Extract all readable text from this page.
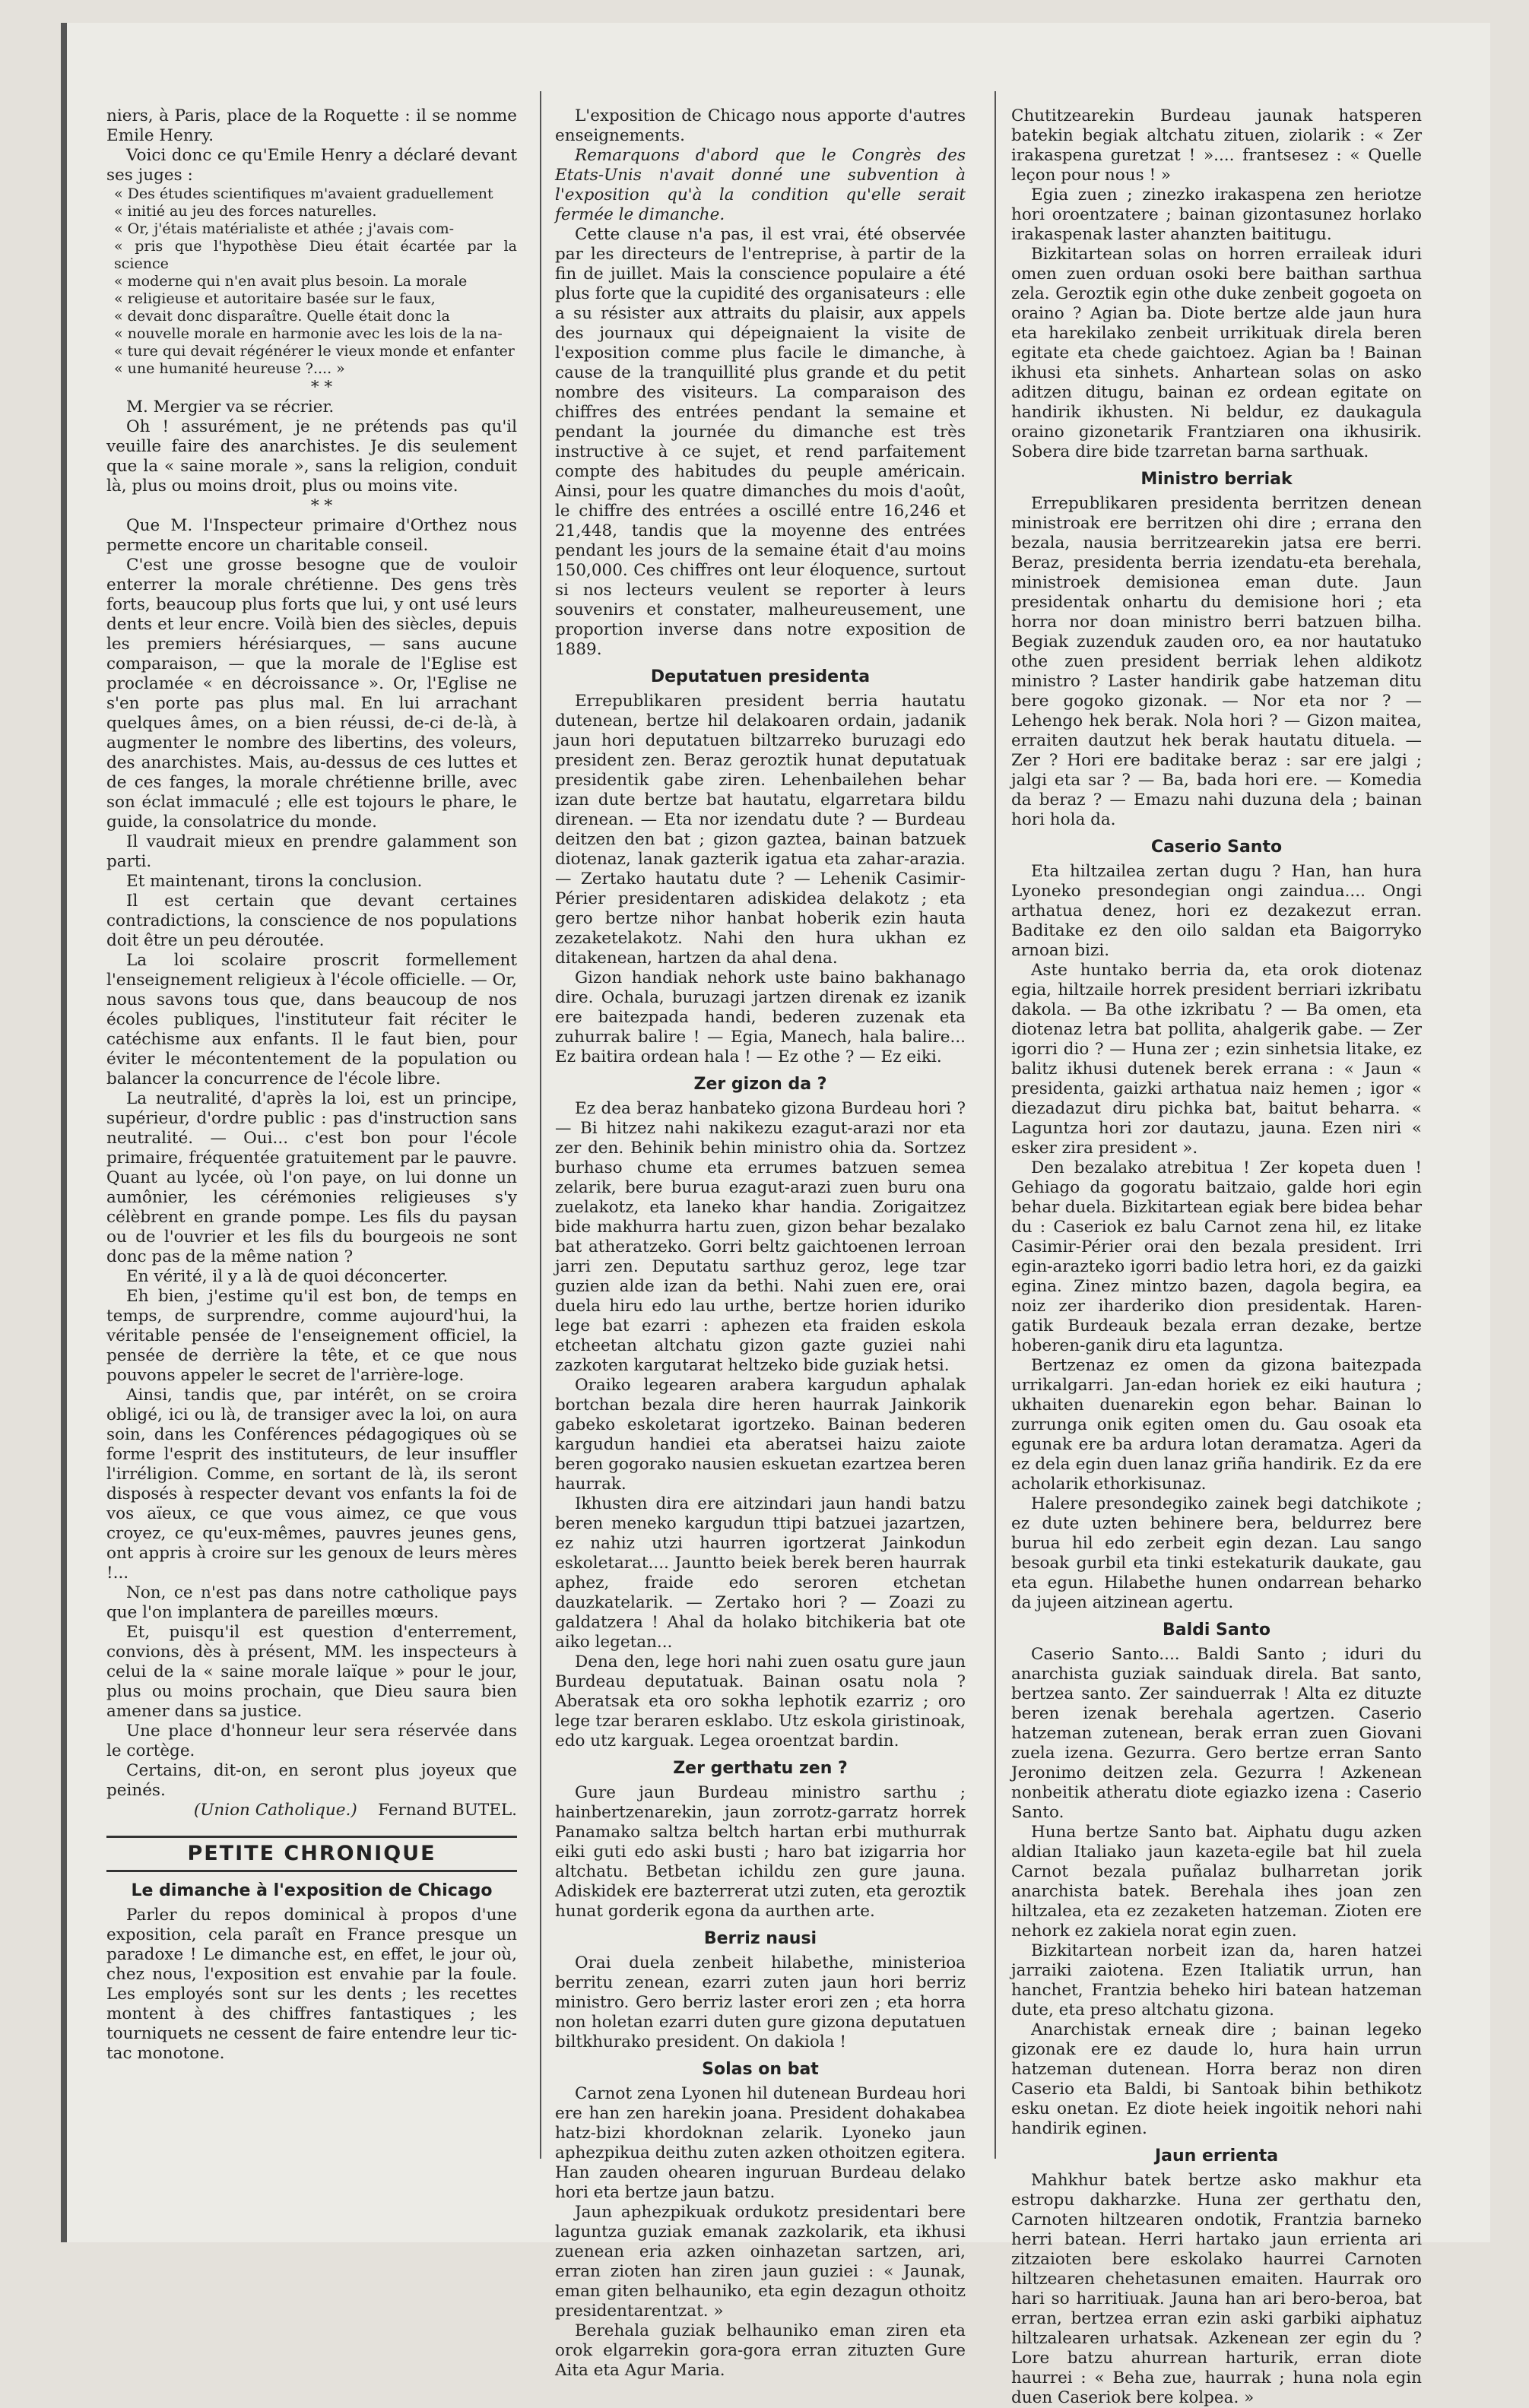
niers, à Paris, place de la Roquette : il se nomme Emile Henry.

Voici donc ce qu'Emile Henry a déclaré devant ses juges :

« Des études scientifiques m'avaient graduellement

« initié au jeu des forces naturelles.

« Or, j'étais matérialiste et athée ; j'avais com-

« pris que l'hypothèse Dieu était écartée par la science

« moderne qui n'en avait plus besoin. La morale

« religieuse et autoritaire basée sur le faux,

« devait donc disparaître. Quelle était donc la

« nouvelle morale en harmonie avec les lois de la na-

« ture qui devait régénérer le vieux monde et enfanter

« une humanité heureuse ?.... »

* *

M. Mergier va se récrier.

Oh ! assurément, je ne prétends pas qu'il veuille faire des anarchistes. Je dis seulement que la « saine morale », sans la religion, conduit là, plus ou moins droit, plus ou moins vite.

* *

Que M. l'Inspecteur primaire d'Orthez nous permette encore un charitable conseil.

C'est une grosse besogne que de vouloir enterrer la morale chrétienne. Des gens très forts, beaucoup plus forts que lui, y ont usé leurs dents et leur encre. Voilà bien des siècles, depuis les premiers hérésiarques, — sans aucune comparaison, — que la morale de l'Eglise est proclamée « en décroissance ». Or, l'Eglise ne s'en porte pas plus mal. En lui arrachant quelques âmes, on a bien réussi, de-ci de-là, à augmenter le nombre des libertins, des voleurs, des anarchistes. Mais, au-dessus de ces luttes et de ces fanges, la morale chrétienne brille, avec son éclat immaculé ; elle est tojours le phare, le guide, la consolatrice du monde.

Il vaudrait mieux en prendre galamment son parti.

Et maintenant, tirons la conclusion.

Il est certain que devant certaines contradictions, la conscience de nos populations doit être un peu déroutée.

La loi scolaire proscrit formellement l'enseignement religieux à l'école officielle. — Or, nous savons tous que, dans beaucoup de nos écoles publiques, l'instituteur fait réciter le catéchisme aux enfants. Il le faut bien, pour éviter le mécontentement de la population ou balancer la concurrence de l'école libre.

La neutralité, d'après la loi, est un principe, supérieur, d'ordre public : pas d'instruction sans neutralité. — Oui... c'est bon pour l'école primaire, fréquentée gratuitement par le pauvre. Quant au lycée, où l'on paye, on lui donne un aumônier, les cérémonies religieuses s'y célèbrent en grande pompe. Les fils du paysan ou de l'ouvrier et les fils du bourgeois ne sont donc pas de la même nation ?

En vérité, il y a là de quoi déconcerter.

Eh bien, j'estime qu'il est bon, de temps en temps, de surprendre, comme aujourd'hui, la véritable pensée de l'enseignement officiel, la pensée de derrière la tête, et ce que nous pouvons appeler le secret de l'arrière-loge.

Ainsi, tandis que, par intérêt, on se croira obligé, ici ou là, de transiger avec la loi, on aura soin, dans les Conférences pédagogiques où se forme l'esprit des instituteurs, de leur insuffler l'irréligion. Comme, en sortant de là, ils seront disposés à respecter devant vos enfants la foi de vos aïeux, ce que vous aimez, ce que vous croyez, ce qu'eux-mêmes, pauvres jeunes gens, ont appris à croire sur les genoux de leurs mères !...

Non, ce n'est pas dans notre catholique pays que l'on implantera de pareilles mœurs.

Et, puisqu'il est question d'enterrement, convions, dès à présent, MM. les inspecteurs à celui de la « saine morale laïque » pour le jour, plus ou moins prochain, que Dieu saura bien amener dans sa justice.

Une place d'honneur leur sera réservée dans le cortège.

Certains, dit-on, en seront plus joyeux que peinés.

(Union Catholique.) Fernand BUTEL.

PETITE CHRONIQUE
Le dimanche à l'exposition de Chicago

Parler du repos dominical à propos d'une exposition, cela paraît en France presque un paradoxe ! Le dimanche est, en effet, le jour où, chez nous, l'exposition est envahie par la foule. Les employés sont sur les dents ; les recettes montent à des chiffres fantastiques ; les tourniquets ne cessent de faire entendre leur tic-tac monotone.

L'exposition de Chicago nous apporte d'autres enseignements.

Remarquons d'abord que le Congrès des Etats-Unis n'avait donné une subvention à l'exposition qu'à la condition qu'elle serait fermée le dimanche.

Cette clause n'a pas, il est vrai, été observée par les directeurs de l'entreprise, à partir de la fin de juillet. Mais la conscience populaire a été plus forte que la cupidité des organisateurs : elle a su résister aux attraits du plaisir, aux appels des journaux qui dépeignaient la visite de l'exposition comme plus facile le dimanche, à cause de la tranquillité plus grande et du petit nombre des visiteurs. La comparaison des chiffres des entrées pendant la semaine et pendant la journée du dimanche est très instructive à ce sujet, et rend parfaitement compte des habitudes du peuple américain. Ainsi, pour les quatre dimanches du mois d'août, le chiffre des entrées a oscillé entre 16,246 et 21,448, tandis que la moyenne des entrées pendant les jours de la semaine était d'au moins 150,000. Ces chiffres ont leur éloquence, surtout si nos lecteurs veulent se reporter à leurs souvenirs et constater, malheureusement, une proportion inverse dans notre exposition de 1889.

Deputatuen presidenta

Errepublikaren president berria hautatu dutenean, bertze hil delakoaren ordain, jadanik jaun hori deputatuen biltzarreko buruzagi edo president zen. Beraz geroztik hunat deputatuak presidentik gabe ziren. Lehenbailehen behar izan dute bertze bat hautatu, elgarretara bildu direnean. — Eta nor izendatu dute ? — Burdeau deitzen den bat ; gizon gaztea, bainan batzuek diotenaz, lanak gazterik igatua eta zahar-arazia. — Zertako hautatu dute ? — Lehenik Casimir-Périer presidentaren adiskidea delakotz ; eta gero bertze nihor hanbat hoberik ezin hauta zezaketelakotz. Nahi den hura ukhan ez ditakenean, hartzen da ahal dena.

Gizon handiak nehork uste baino bakhanago dire. Ochala, buruzagi jartzen direnak ez izanik ere baitezpada handi, bederen zuzenak eta zuhurrak balire ! — Egia, Manech, hala balire... Ez baitira ordean hala ! — Ez othe ? — Ez eiki.

Zer gizon da ?

Ez dea beraz hanbateko gizona Burdeau hori ? — Bi hitzez nahi nakikezu ezagut-arazi nor eta zer den. Behinik behin ministro ohia da. Sortzez burhaso chume eta errumes batzuen semea zelarik, bere burua ezagut-arazi zuen buru ona zuelakotz, eta laneko khar handia. Zorigaitzez bide makhurra hartu zuen, gizon behar bezalako bat atheratzeko. Gorri beltz gaichtoenen lerroan jarri zen. Deputatu sarthuz geroz, lege tzar guzien alde izan da bethi. Nahi zuen ere, orai duela hiru edo lau urthe, bertze horien iduriko lege bat ezarri : aphezen eta fraiden eskola etcheetan altchatu gizon gazte guziei nahi zazkoten kargutarat heltzeko bide guziak hetsi.

Oraiko legearen arabera kargudun aphalak bortchan bezala dire heren haurrak Jainkorik gabeko eskoletarat igortzeko. Bainan bederen kargudun handiei eta aberatsei haizu zaiote beren gogorako nausien eskuetan ezartzea beren haurrak.

Ikhusten dira ere aitzindari jaun handi batzu beren meneko kargudun ttipi batzuei jazartzen, ez nahiz utzi haurren igortzerat Jainkodun eskoletarat.... Jauntto beiek berek beren haurrak aphez, fraide edo seroren etchetan dauzkatelarik. — Zertako hori ? — Zoazi zu galdatzera ! Ahal da holako bitchikeria bat ote aiko legetan...

Dena den, lege hori nahi zuen osatu gure jaun Burdeau deputatuak. Bainan osatu nola ? Aberatsak eta oro sokha lephotik ezarriz ; oro lege tzar beraren esklabo. Utz eskola giristinoak, edo utz karguak. Legea oroentzat bardin.

Zer gerthatu zen ?

Gure jaun Burdeau ministro sarthu ; hainbertzenarekin, jaun zorrotz-garratz horrek Panamako saltza beltch hartan erbi muthurrak eiki guti edo aski busti ; haro bat izigarria hor altchatu. Betbetan ichildu zen gure jauna. Adiskidek ere bazterrerat utzi zuten, eta geroztik hunat gorderik egona da aurthen arte.

Berriz nausi

Orai duela zenbeit hilabethe, ministerioa berritu zenean, ezarri zuten jaun hori berriz ministro. Gero berriz laster erori zen ; eta horra non holetan ezarri duten gure gizona deputatuen biltkhurako president. On dakiola !

Solas on bat

Carnot zena Lyonen hil dutenean Burdeau hori ere han zen harekin joana. President dohakabea hatz-bizi khordoknan zelarik. Lyoneko jaun aphezpikua deithu zuten azken othoitzen egitera. Han zauden ohearen inguruan Burdeau delako hori eta bertze jaun batzu.

Jaun aphezpikuak ordukotz presidentari bere laguntza guziak emanak zazkolarik, eta ikhusi zuenean eria azken oinhazetan sartzen, ari, erran zioten han ziren jaun guziei : « Jaunak, eman giten belhauniko, eta egin dezagun othoitz presidentarentzat. »

Berehala guziak belhauniko eman ziren eta orok elgarrekin gora-gora erran zituzten Gure Aita eta Agur Maria.

Chutitzearekin Burdeau jaunak hatsperen batekin begiak altchatu zituen, ziolarik : « Zer irakaspena guretzat ! ».... frantsesez : « Quelle leçon pour nous ! »

Egia zuen ; zinezko irakaspena zen heriotze hori oroentzatere ; bainan gizontasunez horlako irakaspenak laster ahanzten baititugu.

Bizkitartean solas on horren erraileak iduri omen zuen orduan osoki bere baithan sarthua zela. Geroztik egin othe duke zenbeit gogoeta on oraino ? Agian ba. Diote bertze alde jaun hura eta harekilako zenbeit urrikituak direla beren egitate eta chede gaichtoez. Agian ba ! Bainan ikhusi eta sinhets. Anhartean solas on asko aditzen ditugu, bainan ez ordean egitate on handirik ikhusten. Ni beldur, ez daukagula oraino gizonetarik Frantziaren ona ikhusirik. Sobera dire bide tzarretan barna sarthuak.

Ministro berriak

Errepublikaren presidenta berritzen denean ministroak ere berritzen ohi dire ; errana den bezala, nausia berritzearekin jatsa ere berri. Beraz, presidenta berria izendatu-eta berehala, ministroek demisionea eman dute. Jaun presidentak onhartu du demisione hori ; eta horra nor doan ministro berri batzuen bilha. Begiak zuzenduk zauden oro, ea nor hautatuko othe zuen president berriak lehen aldikotz ministro ? Laster handirik gabe hatzeman ditu bere gogoko gizonak. — Nor eta nor ? — Lehengo hek berak. Nola hori ? — Gizon maitea, erraiten dautzut hek berak hautatu dituela. — Zer ? Hori ere baditake beraz : sar ere jalgi ; jalgi eta sar ? — Ba, bada hori ere. — Komedia da beraz ? — Emazu nahi duzuna dela ; bainan hori hola da.

Caserio Santo

Eta hiltzailea zertan dugu ? Han, han hura Lyoneko presondegian ongi zaindua.... Ongi arthatua denez, hori ez dezakezut erran. Baditake ez den oilo saldan eta Baigorryko arnoan bizi.

Aste huntako berria da, eta orok diotenaz egia, hiltzaile horrek president berriari izkribatu dakola. — Ba othe izkribatu ? — Ba omen, eta diotenaz letra bat pollita, ahalgerik gabe. — Zer igorri dio ? — Huna zer ; ezin sinhetsia litake, ez balitz ikhusi dutenek berek errana : « Jaun « presidenta, gaizki arthatua naiz hemen ; igor « diezadazut diru pichka bat, baitut beharra. « Laguntza hori zor dautazu, jauna. Ezen niri « esker zira president ».

Den bezalako atrebitua ! Zer kopeta duen ! Gehiago da gogoratu baitzaio, galde hori egin behar duela. Bizkitartean egiak bere bidea behar du : Caseriok ez balu Carnot zena hil, ez litake Casimir-Périer orai den bezala president. Irri egin-arazteko igorri badio letra hori, ez da gaizki egina. Zinez mintzo bazen, dagola begira, ea noiz zer iharderiko dion presidentak. Haren-gatik Burdeauk bezala erran dezake, bertze hoberen-ganik diru eta laguntza.

Bertzenaz ez omen da gizona baitezpada urrikalgarri. Jan-edan horiek ez eiki hautura ; ukhaiten duenarekin egon behar. Bainan lo zurrunga onik egiten omen du. Gau osoak eta egunak ere ba ardura lotan deramatza. Ageri da ez dela egin duen lanaz griña handirik. Ez da ere acholarik ethorkisunaz.

Halere presondegiko zainek begi datchikote ; ez dute uzten behinere bera, beldurrez bere burua hil edo zerbeit egin dezan. Lau sango besoak gurbil eta tinki estekaturik daukate, gau eta egun. Hilabethe hunen ondarrean beharko da jujeen aitzinean agertu.

Baldi Santo

Caserio Santo.... Baldi Santo ; iduri du anarchista guziak sainduak direla. Bat santo, bertzea santo. Zer sainduerrak ! Alta ez dituzte beren izenak berehala agertzen. Caserio hatzeman zutenean, berak erran zuen Giovani zuela izena. Gezurra. Gero bertze erran Santo Jeronimo deitzen zela. Gezurra ! Azkenean nonbeitik atheratu diote egiazko izena : Caserio Santo.

Huna bertze Santo bat. Aiphatu dugu azken aldian Italiako jaun kazeta-egile bat hil zuela Carnot bezala puñalaz bulharretan jorik anarchista batek. Berehala ihes joan zen hiltzalea, eta ez zezaketen hatzeman. Zioten ere nehork ez zakiela norat egin zuen.

Bizkitartean norbeit izan da, haren hatzei jarraiki zaiotena. Ezen Italiatik urrun, han hanchet, Frantzia beheko hiri batean hatzeman dute, eta preso altchatu gizona.

Anarchistak erneak dire ; bainan legeko gizonak ere ez daude lo, hura hain urrun hatzeman dutenean. Horra beraz non diren Caserio eta Baldi, bi Santoak bihin bethikotz esku onetan. Ez diote heiek ingoitik nehori nahi handirik eginen.

Jaun errienta

Mahkhur batek bertze asko makhur eta estropu dakharzke. Huna zer gerthatu den, Carnoten hiltzearen ondotik, Frantzia barneko herri batean. Herri hartako jaun errienta ari zitzaioten bere eskolako haurrei Carnoten hiltzearen chehetasunen emaiten. Haurrak oro hari so harritiuak. Jauna han ari bero-beroa, bat erran, bertzea erran ezin aski garbiki aiphatuz hiltzalearen urhatsak. Azkenean zer egin du ? Lore batzu ahurrean harturik, erran diote haurrei : « Beha zue, haurrak ; huna nola egin duen Caseriok bere kolpea. »
